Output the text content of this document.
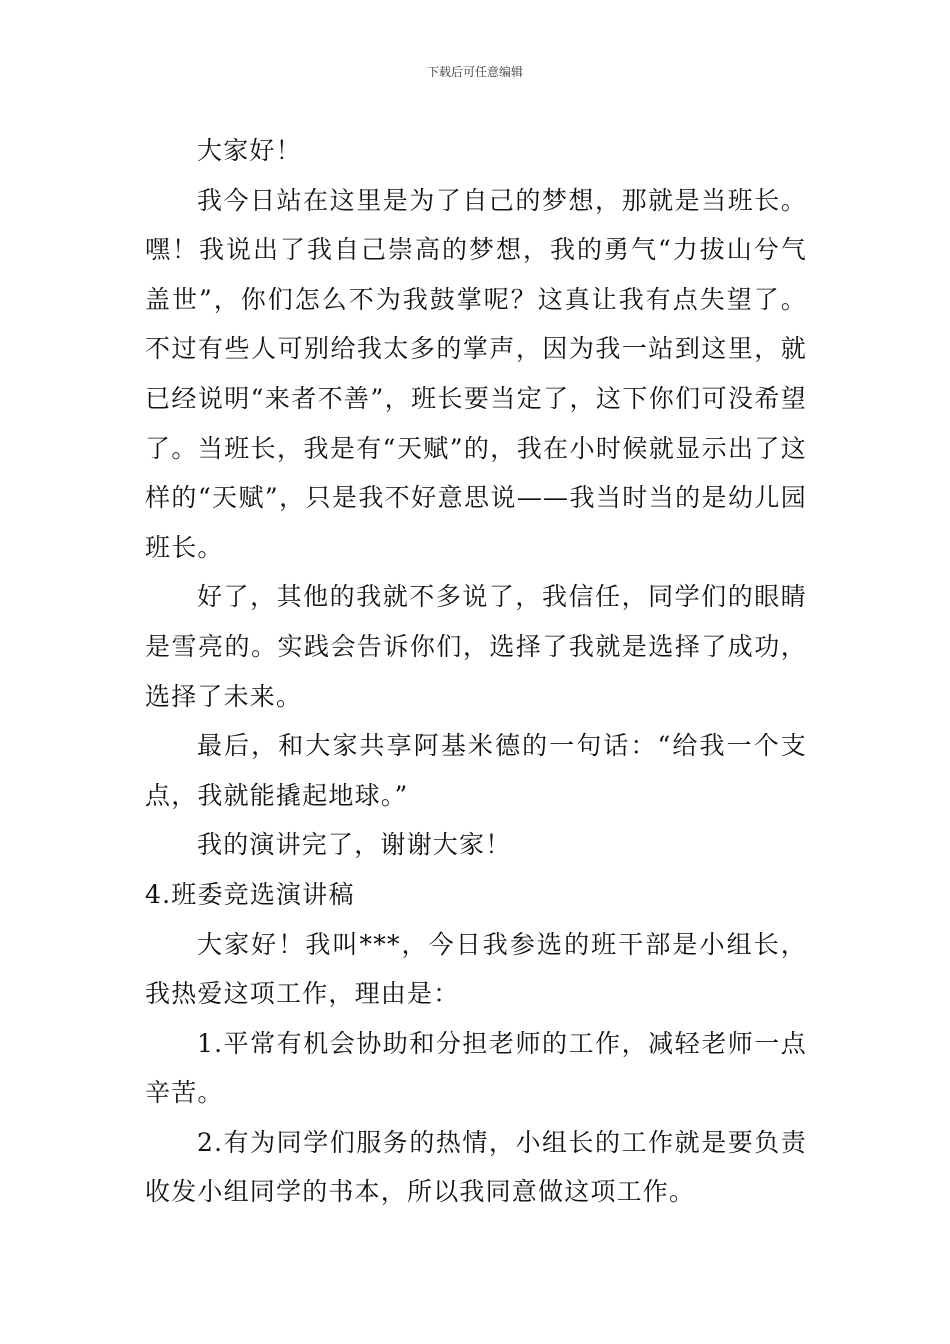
下载后可任意编辑

大家好！

我今日站在这里是为了自己的梦想，那就是当班长。嘿！我说出了我自己崇高的梦想，我的勇气“力拔山兮气盖世”，你们怎么不为我鼓掌呢？这真让我有点失望了。不过有些人可别给我太多的掌声，因为我一站到这里，就已经说明“来者不善”，班长要当定了，这下你们可没希望了。当班长，我是有“天赋”的，我在小时候就显示出了这样的“天赋”，只是我不好意思说——我当时当的是幼儿园班长。

好了，其他的我就不多说了，我信任，同学们的眼睛是雪亮的。实践会告诉你们，选择了我就是选择了成功，选择了未来。

最后，和大家共享阿基米德的一句话：“给我一个支点，我就能撬起地球。”

我的演讲完了，谢谢大家！

4.班委竞选演讲稿

大家好！我叫***，今日我参选的班干部是小组长，我热爱这项工作，理由是：

1.平常有机会协助和分担老师的工作，减轻老师一点辛苦。

2.有为同学们服务的热情，小组长的工作就是要负责收发小组同学的书本，所以我同意做这项工作。
